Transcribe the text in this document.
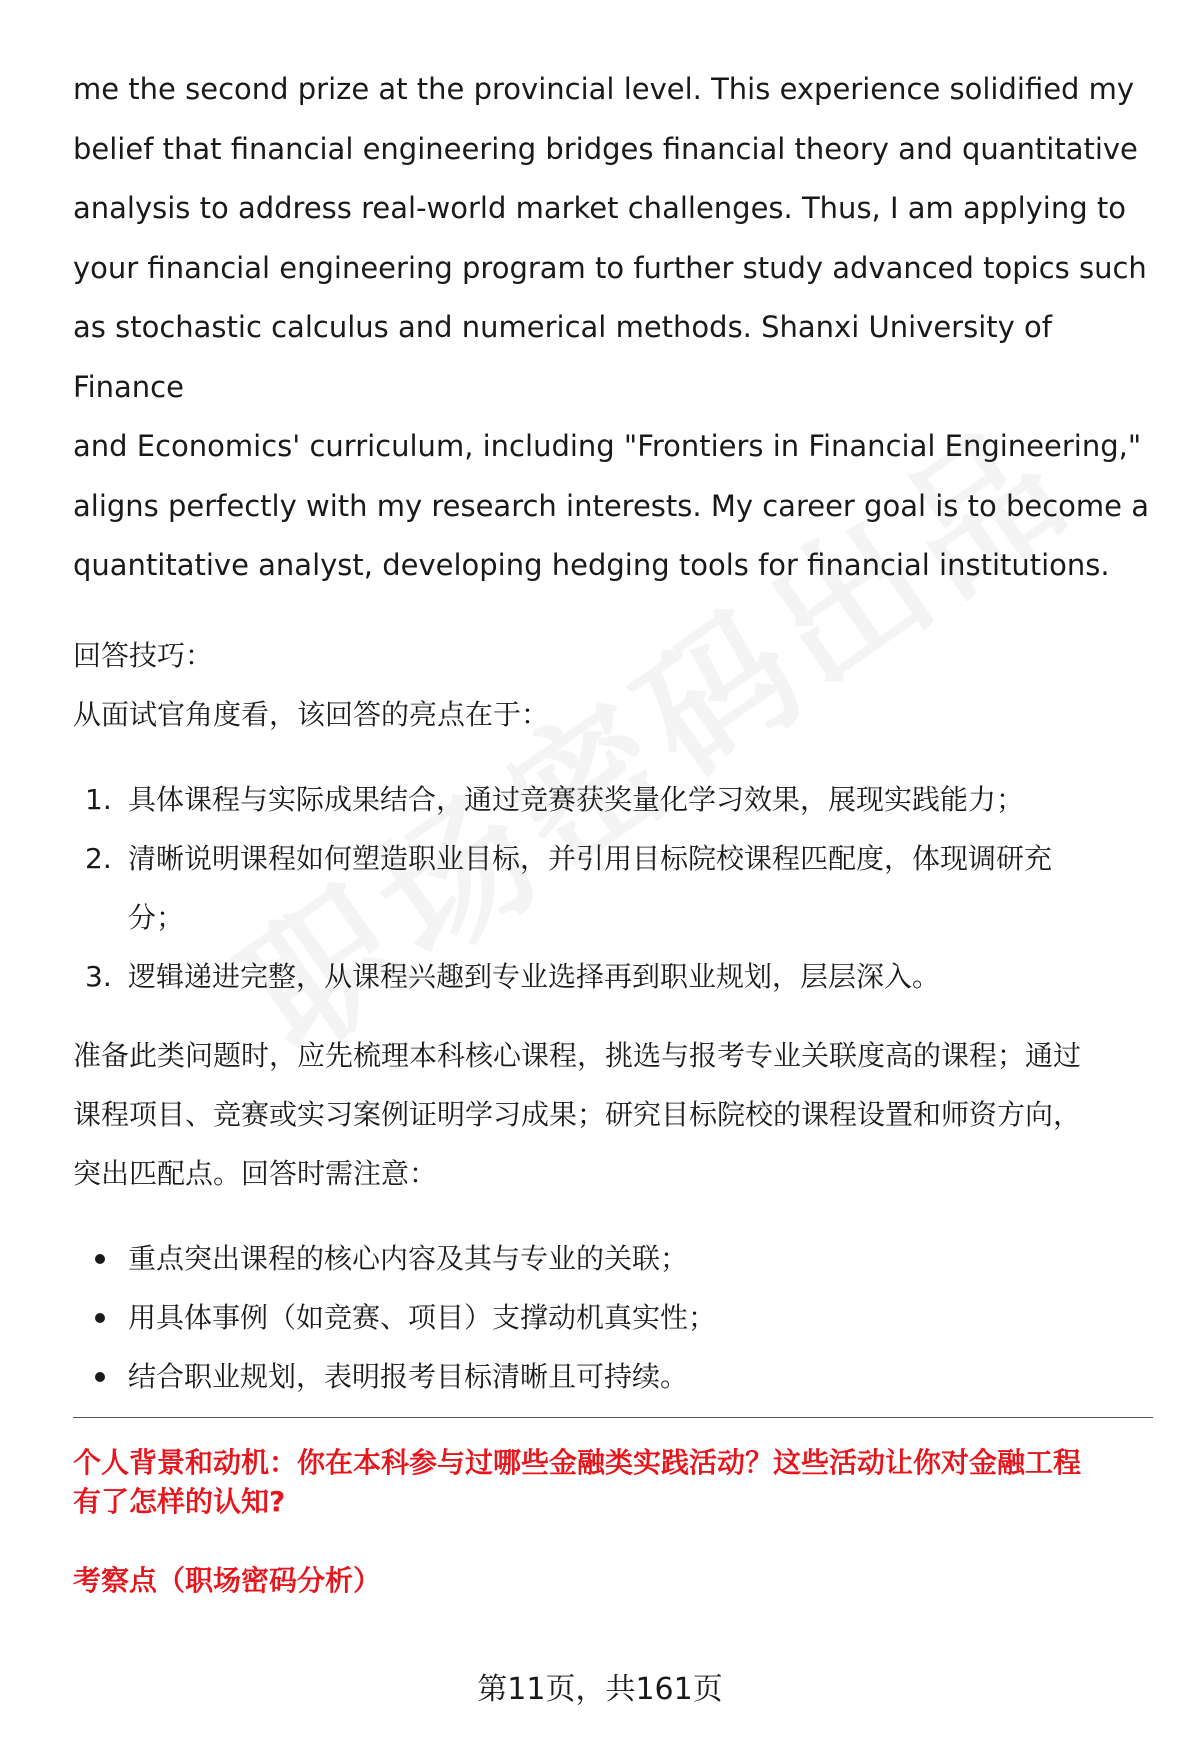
me the second prize at the provincial level. This experience solidified my
belief that financial engineering bridges financial theory and quantitative
analysis to address real-world market challenges. Thus, I am applying to
your financial engineering program to further study advanced topics such
as stochastic calculus and numerical methods. Shanxi University of Finance
and Economics' curriculum, including "Frontiers in Financial Engineering,"
aligns perfectly with my research interests. My career goal is to become a
quantitative analyst, developing hedging tools for financial institutions.

回答技巧：

从面试官角度看，该回答的亮点在于：

1. 具体课程与实际成果结合，通过竞赛获奖量化学习效果，展现实践能力；
2. 清晰说明课程如何塑造职业目标，并引用目标院校课程匹配度，体现调研充
分；
3. 逻辑递进完整，从课程兴趣到专业选择再到职业规划，层层深入。
准备此类问题时，应先梳理本科核心课程，挑选与报考专业关联度高的课程；通过
课程项目、竞赛或实习案例证明学习成果；研究目标院校的课程设置和师资方向，
突出匹配点。回答时需注意：
重点突出课程的核心内容及其与专业的关联；
用具体事例（如竞赛、项目）支撑动机真实性；
结合职业规划，表明报考目标清晰且可持续。
个人背景和动机：你在本科参与过哪些金融类实践活动？这些活动让你对金融工程
有了怎样的认知?

考察点（职场密码分析）

第11页，共161页
